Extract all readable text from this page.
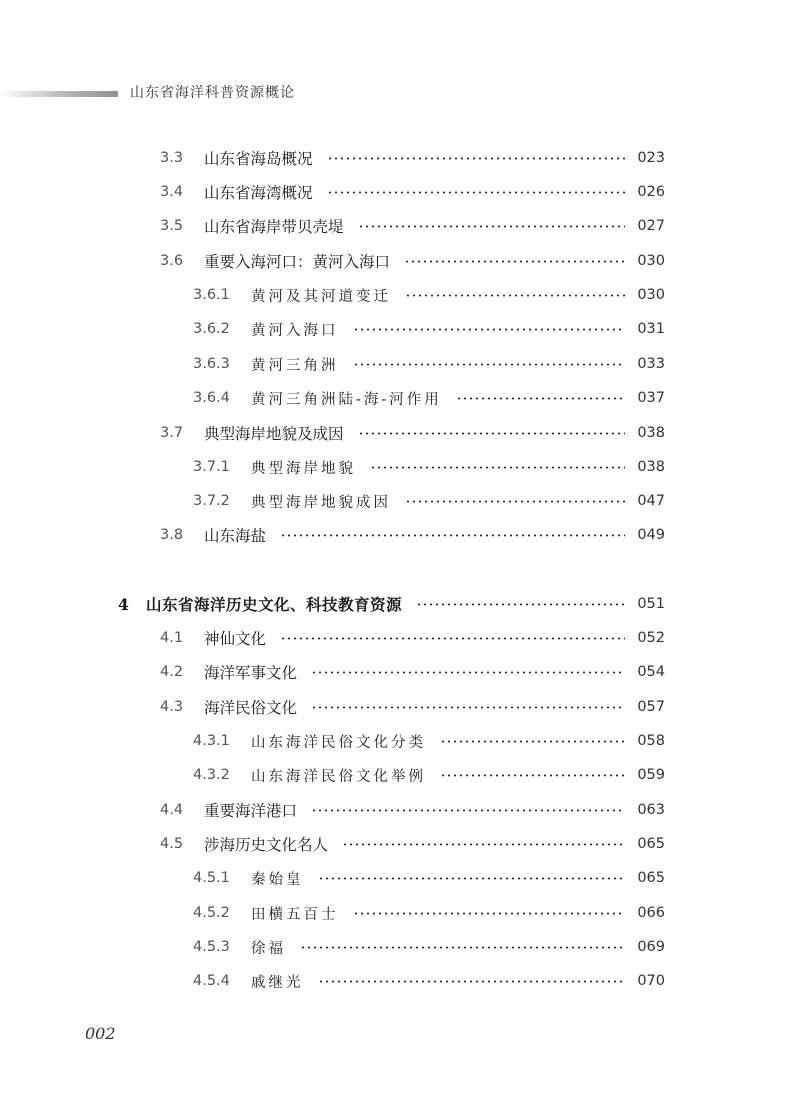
山东省海洋科普资源概论
3.3	山东省海岛概况	023
3.4	山东省海湾概况	026
3.5	山东省海岸带贝壳堤	027
3.6	重要入海河口：黄河入海口	030
3.6.1	黄河及其河道变迁	030
3.6.2	黄河入海口	031
3.6.3	黄河三角洲	033
3.6.4	黄河三角洲陆-海-河作用	037
3.7	典型海岸地貌及成因	038
3.7.1	典型海岸地貌	038
3.7.2	典型海岸地貌成因	047
3.8	山东海盐	049
4	山东省海洋历史文化、科技教育资源	051
4.1	神仙文化	052
4.2	海洋军事文化	054
4.3	海洋民俗文化	057
4.3.1	山东海洋民俗文化分类	058
4.3.2	山东海洋民俗文化举例	059
4.4	重要海洋港口	063
4.5	涉海历史文化名人	065
4.5.1	秦始皇	065
4.5.2	田横五百士	066
4.5.3	徐福	069
4.5.4	戚继光	070
002
